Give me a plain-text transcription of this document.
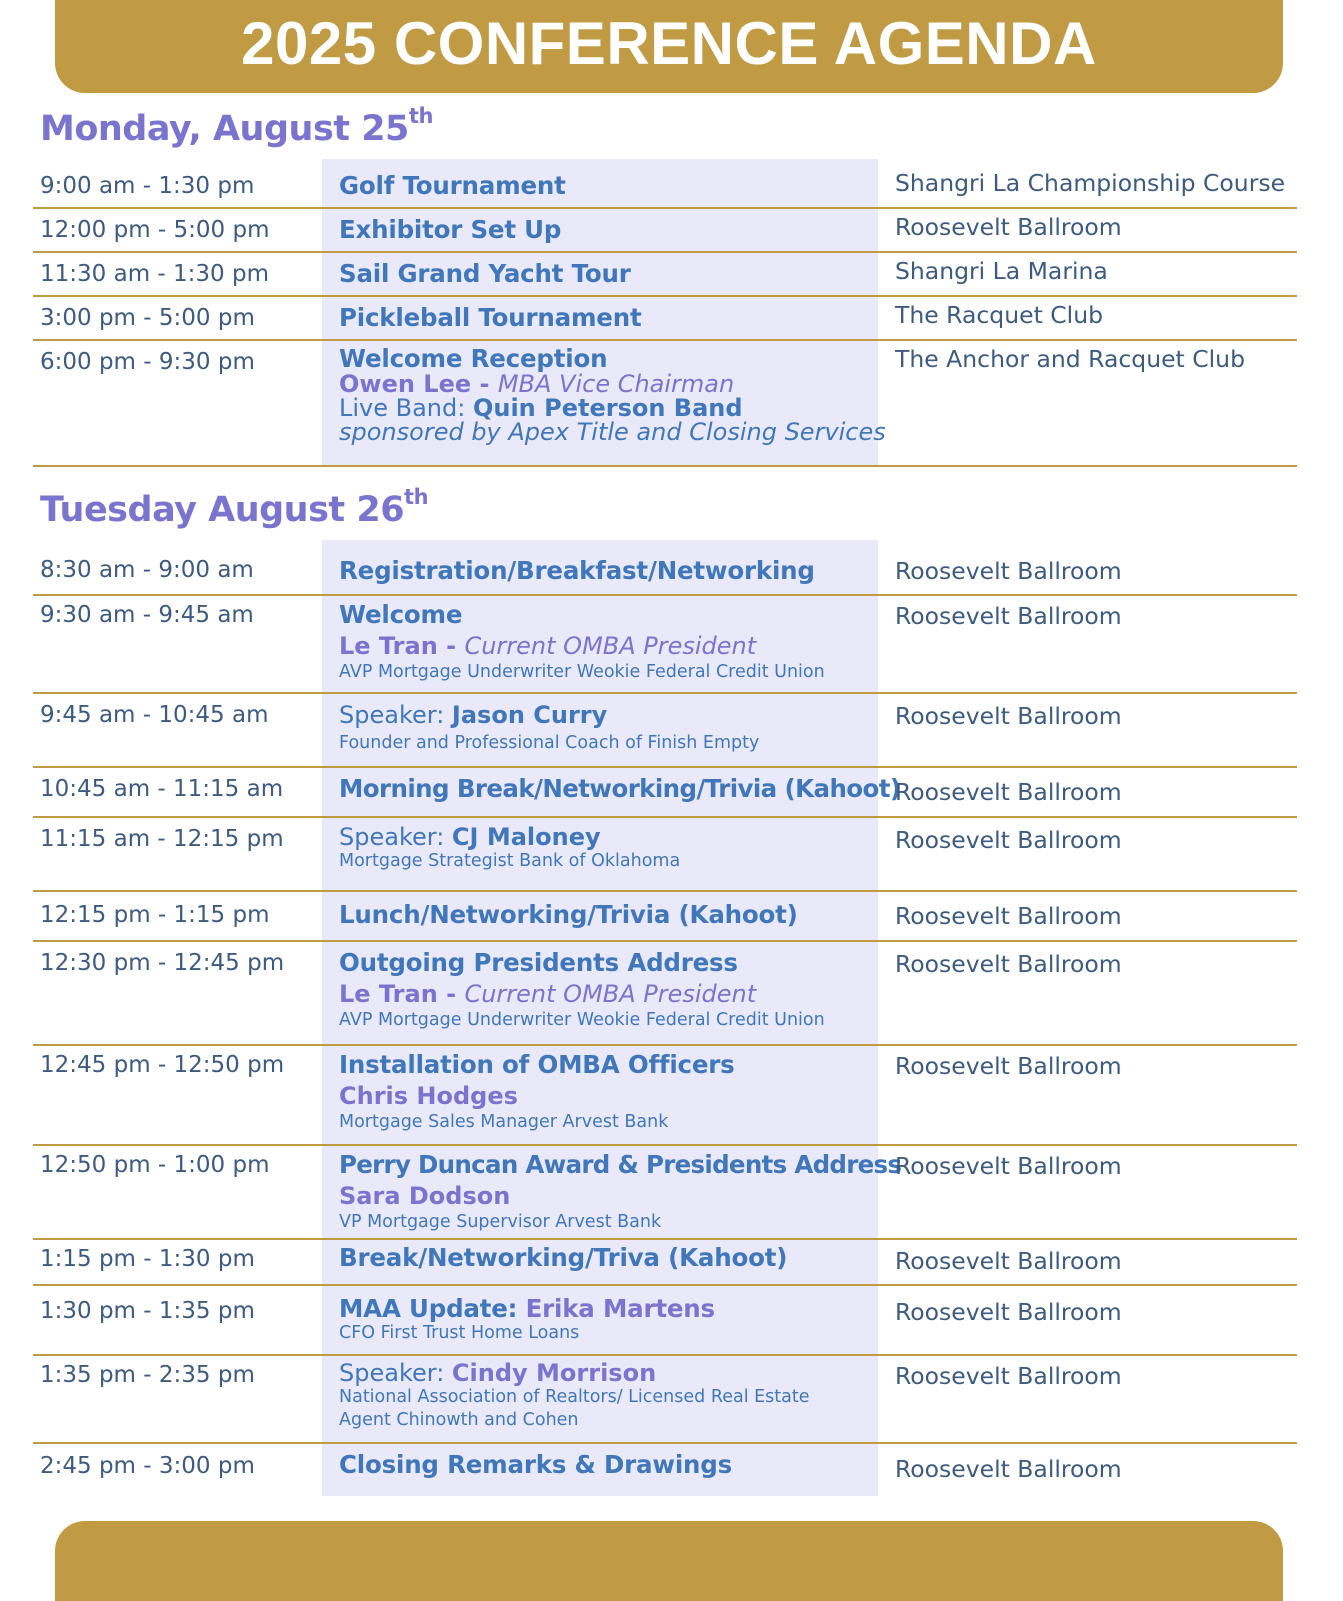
2025 CONFERENCE AGENDA
Monday, August 25th
9:00 am - 1:30 pm	Golf Tournament	Shangri La Championship Course
12:00 pm - 5:00 pm	Exhibitor Set Up	Roosevelt Ballroom
11:30 am - 1:30 pm	Sail Grand Yacht Tour	Shangri La Marina
3:00 pm - 5:00 pm	Pickleball Tournament	The Racquet Club
6:00 pm - 9:30 pm	Welcome Reception
Owen Lee - MBA Vice Chairman
Live Band: Quin Peterson Band
sponsored by Apex Title and Closing Services
The Anchor and Racquet Club
Tuesday August 26th
8:30 am - 9:00 am	Registration/Breakfast/Networking	Roosevelt Ballroom
9:30 am - 9:45 am	Welcome
Le Tran - Current OMBA President
AVP Mortgage Underwriter Weokie Federal Credit Union
Roosevelt Ballroom
9:45 am - 10:45 am	Speaker: Jason Curry
Founder and Professional Coach of Finish Empty
Roosevelt Ballroom
10:45 am - 11:15 am Morning Break/Networking/Trivia (Kahoot)
Roosevelt Ballroom
11:15 am - 12:15 pm Speaker: CJ Maloney
Mortgage Strategist Bank of Oklahoma
Roosevelt Ballroom
12:15 pm - 1:15 pm	Lunch/Networking/Trivia (Kahoot)	Roosevelt Ballroom
12:30 pm - 12:45 pm Outgoing Presidents Address
Le Tran - Current OMBA President
AVP Mortgage Underwriter Weokie Federal Credit Union
Roosevelt Ballroom
12:45 pm - 12:50 pm Installation of OMBA Officers
Chris Hodges
Mortgage Sales Manager Arvest Bank
Roosevelt Ballroom
12:50 pm - 1:00 pm	Perry Duncan Award & Presidents Address
Sara Dodson
VP Mortgage Supervisor Arvest Bank
Roosevelt Ballroom
1:15 pm - 1:30 pm	Break/Networking/Triva (Kahoot)	Roosevelt Ballroom
1:30 pm - 1:35 pm	MAA Update: Erika Martens
CFO First Trust Home Loans
Roosevelt Ballroom
1:35 pm - 2:35 pm	Speaker: Cindy Morrison
National Association of Realtors/ Licensed Real Estate
Agent Chinowth and Cohen
Roosevelt Ballroom
2:45 pm - 3:00 pm	Closing Remarks & Drawings	Roosevelt Ballroom
